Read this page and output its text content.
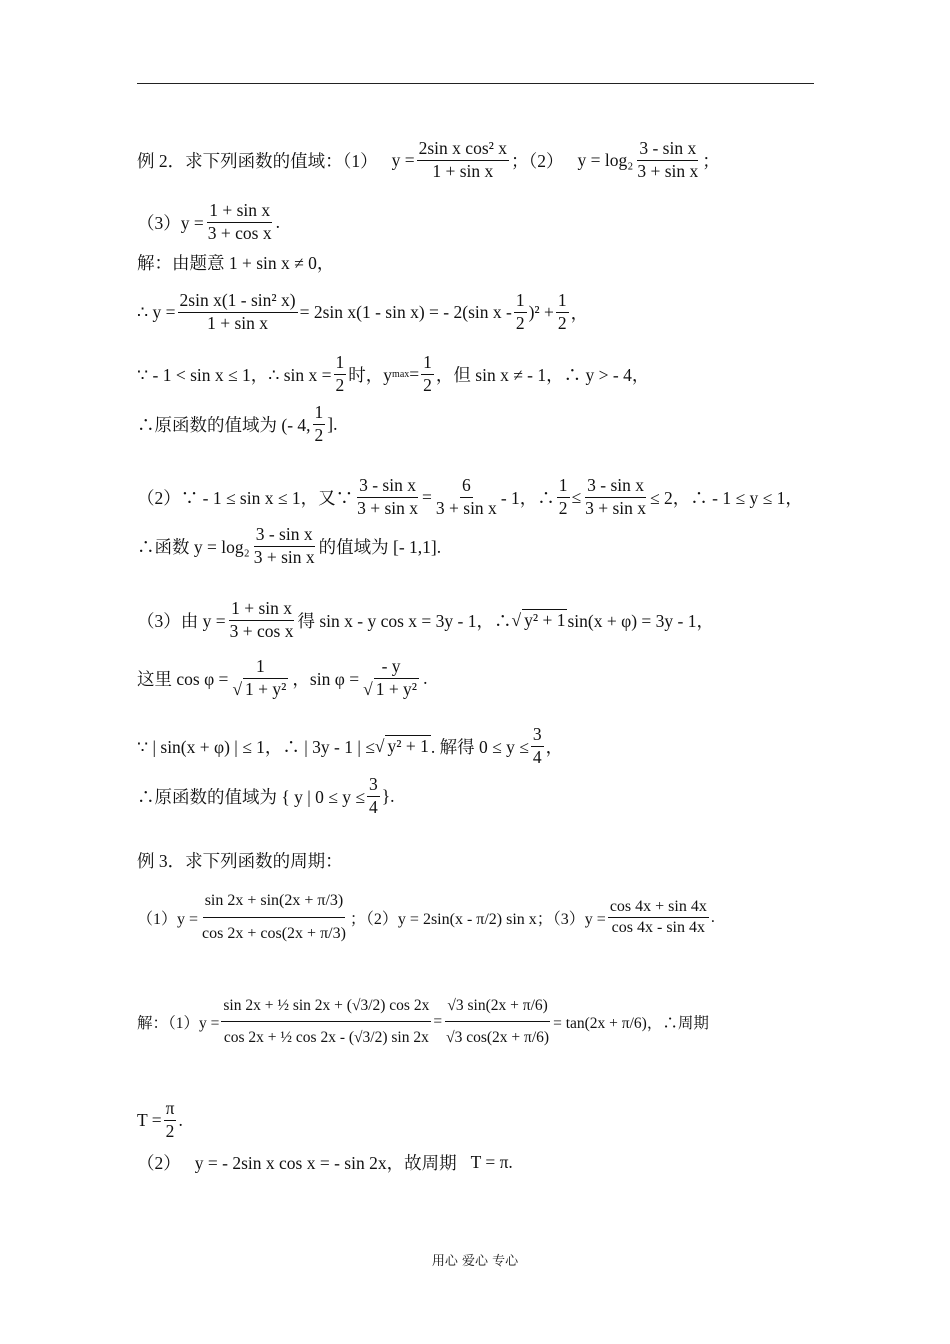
例 2．求下列函数的值域：（1） $y = \frac{\text{2sin x cos² x}}{\text{1 + sin x}}$ ；（2） $y = \log_2 \frac{\text{3 - sin x}}{\text{3 + sin x}}$ ；
$(3)y = \frac{\text{1 + sin x}}{\text{3 + cos x}}$ .
解：由题意 1 + sin x ≠ 0，
∴ $y = \frac{\text{2sin x(1 - sin² x)}}{\text{1 + sin x}} = 2\sin$ x(1 - sin x) = - 2(sin $x - \frac{1}{2} )^2 + \frac{1}{2}$ ，
∵ - 1 < sin x ≤ 1，∴ $\sin x = \frac{1}{2}$ 时，y $\max = \frac{1}{2}$ ，但 sin x ≠ - 1，∴ y > - 4，
∴原函数的值域为 (- 4, $\frac{1}{2}$ ].
（2）∵ - 1 ≤ sin x ≤ 1，又∵ $\frac{\text{3 - sin x}}{\text{3 + sin x}} = \frac{6}{\text{3 + sin x}} - 1$，∴ $\frac{1}{2} \le \frac{\text{3 - sin x}}{\text{3 + sin x}} \le 2$，∴ - 1 ≤ y ≤ 1，
∴函数 $y = \log_2 \frac{\text{3 - sin x}}{\text{3 + sin x}}$ 的值域为 [- 1,1].
（3）由 $y = \frac{\text{1 + sin x}}{\text{3 + cos x}}$ 得 sin x - y cos x = 3y - 1，∴ √ y² + 1 sin(x + φ) = 3y - 1，
这里 $\cos \varphi = \frac{1}{\text{√ 1 + y²}}$ ，$\sin \varphi = \frac{- y}{\text{√ 1 + y²}}$ .
∵ | sin(x + φ) | ≤ 1，∴ | 3y - 1 | ≤ √ y² + 1 . 解得 $0 \le y \le \frac{3}{4}$ ，
∴原函数的值域为 { y | $0 \le y \le \frac{3}{4}$ }.
例 3．求下列函数的周期：
$(1)y = \frac{\sin 2x + \sin(2x + \pi/3)}{\cos 2x + \cos(2x + \pi/3)}$ ；（2）y = 2sin(x - π/2) sin x；$(3)y = \frac{\cos 4x + \sin 4x}{\cos 4x - \sin 4x}$ .
解：$(1)y = \frac{\text{sin 2x + ½ sin 2x + (√3/2) cos 2x}}{\text{cos 2x + ½ cos 2x - (√3/2) sin 2x}} = \frac{√3 \sin(2x + \pi/6)}{√3 \cos(2x + \pi/6)} = \tan(2x + \pi/6)$，∴周期
$T = \frac{\pi}{2}$ .
（2） y = - 2sin x cos x = - sin 2x，故周期 T = π.
用心 爱心 专心
